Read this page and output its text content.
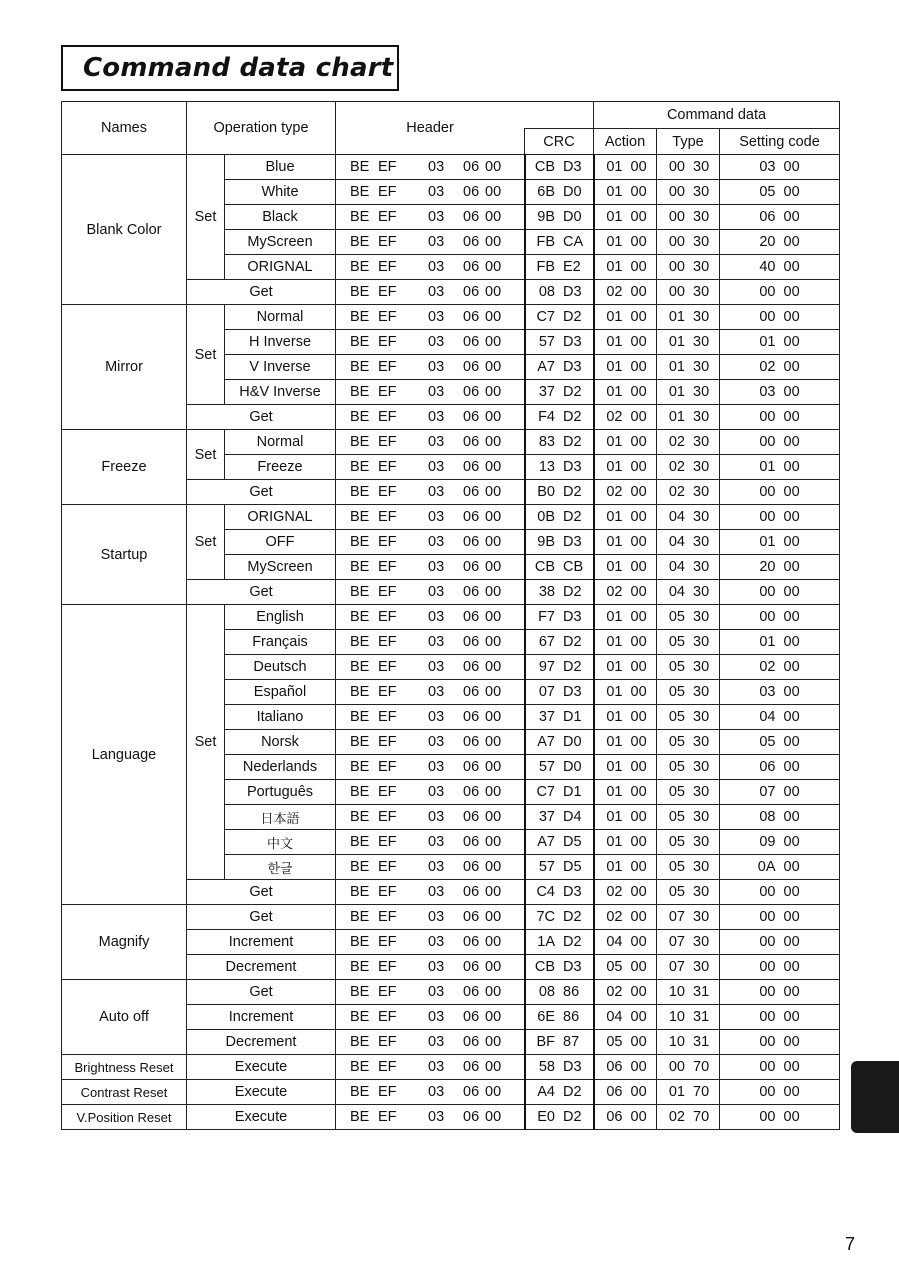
Command data chart
Names	Operation type		Header		Command data		
				CRC	Action	Type	Setting code
Blank Color	Set	Blue	BE EF 03 06 00	CB D3	01 00	00 30	03 00
		White	BE EF 03 06 00	6B D0	01 00	00 30	05 00
		Black	BE EF 03 06 00	9B D0	01 00	00 30	06 00
		MyScreen	BE EF 03 06 00	FB CA	01 00	00 30	20 00
		ORIGNAL	BE EF 03 06 00	FB E2	01 00	00 30	40 00
	Get		BE EF 03 06 00	08 D3	02 00	00 30	00 00
Mirror	Set	Normal	BE EF 03 06 00	C7 D2	01 00	01 30	00 00
		H Inverse	BE EF 03 06 00	57 D3	01 00	01 30	01 00
		V Inverse	BE EF 03 06 00	A7 D3	01 00	01 30	02 00
		H&V Inverse	BE EF 03 06 00	37 D2	01 00	01 30	03 00
	Get		BE EF 03 06 00	F4 D2	02 00	01 30	00 00
Freeze	Set	Normal	BE EF 03 06 00	83 D2	01 00	02 30	00 00
		Freeze	BE EF 03 06 00	13 D3	01 00	02 30	01 00
	Get		BE EF 03 06 00	B0 D2	02 00	02 30	00 00
Startup	Set	ORIGNAL	BE EF 03 06 00	0B D2	01 00	04 30	00 00
		OFF	BE EF 03 06 00	9B D3	01 00	04 30	01 00
		MyScreen	BE EF 03 06 00	CB CB	01 00	04 30	20 00
	Get		BE EF 03 06 00	38 D2	02 00	04 30	00 00
Language	Set	English	BE EF 03 06 00	F7 D3	01 00	05 30	00 00
		Français	BE EF 03 06 00	67 D2	01 00	05 30	01 00
		Deutsch	BE EF 03 06 00	97 D2	01 00	05 30	02 00
		Español	BE EF 03 06 00	07 D3	01 00	05 30	03 00
		Italiano	BE EF 03 06 00	37 D1	01 00	05 30	04 00
		Norsk	BE EF 03 06 00	A7 D0	01 00	05 30	05 00
		Nederlands	BE EF 03 06 00	57 D0	01 00	05 30	06 00
		Português	BE EF 03 06 00	C7 D1	01 00	05 30	07 00
		日本語	BE EF 03 06 00	37 D4	01 00	05 30	08 00
		中文	BE EF 03 06 00	A7 D5	01 00	05 30	09 00
		한글	BE EF 03 06 00	57 D5	01 00	05 30	0A 00
	Get		BE EF 03 06 00	C4 D3	02 00	05 30	00 00
Magnify	Get		BE EF 03 06 00	7C D2	02 00	07 30	00 00
	Increment		BE EF 03 06 00	1A D2	04 00	07 30	00 00
	Decrement		BE EF 03 06 00	CB D3	05 00	07 30	00 00
Auto off	Get		BE EF 03 06 00	08 86	02 00	10 31	00 00
	Increment		BE EF 03 06 00	6E 86	04 00	10 31	00 00
	Decrement		BE EF 03 06 00	BF 87	05 00	10 31	00 00
Brightness Reset	Execute		BE EF 03 06 00	58 D3	06 00	00 70	00 00
Contrast Reset	Execute		BE EF 03 06 00	A4 D2	06 00	01 70	00 00
V.Position Reset	Execute		BE EF 03 06 00	E0 D2	06 00	02 70	00 00
7
